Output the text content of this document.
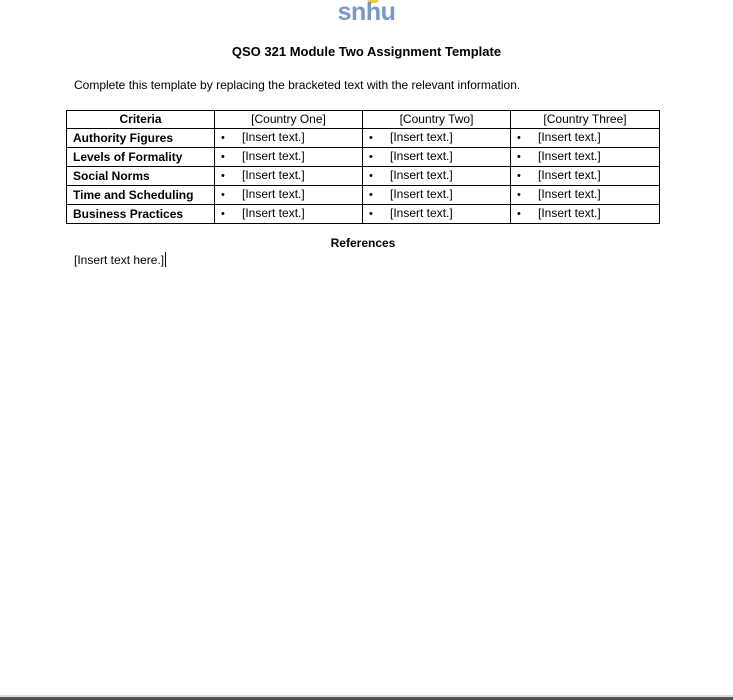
snhu
QSO 321 Module Two Assignment Template
Complete this template by replacing the bracketed text with the relevant information.
Criteria	[Country One]	[Country Two]	[Country Three]
Authority Figures	• [Insert text.]	• [Insert text.]	• [Insert text.]
Levels of Formality	• [Insert text.]	• [Insert text.]	• [Insert text.]
Social Norms	• [Insert text.]	• [Insert text.]	• [Insert text.]
Time and Scheduling	• [Insert text.]	• [Insert text.]	• [Insert text.]
Business Practices	• [Insert text.]	• [Insert text.]	• [Insert text.]
References
[Insert text here.]
